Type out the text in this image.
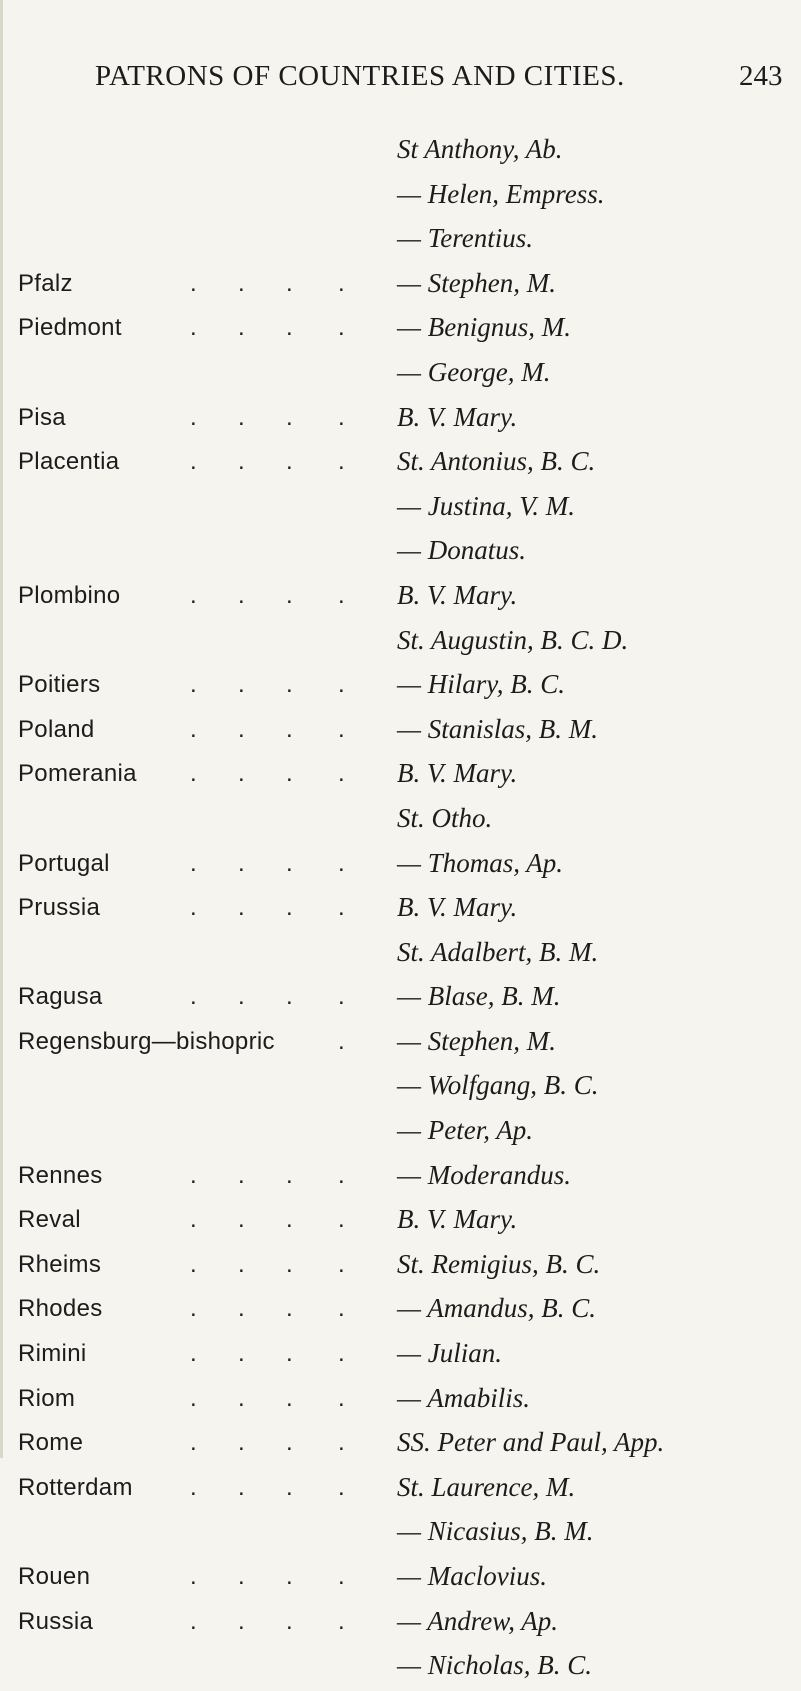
PATRONS OF COUNTRIES AND CITIES.	243
St Anthony, Ab.
— Helen, Empress.
— Terentius.
Pfalz	. . . . — Stephen, M.
Piedmont	. . . . — Benignus, M.
— George, M.
Pisa	. . . . B. V. Mary.
Placentia	. . . . St. Antonius, B. C.
— Justina, V. M.
— Donatus.
Plombino	. . . . B. V. Mary.
St. Augustin, B. C. D.
Poitiers	. . . . — Hilary, B. C.
Poland	. . . . — Stanislas, B. M.
Pomerania . . . . B. V. Mary.
St. Otho.
Portugal	. . . . — Thomas, Ap.
Prussia	. . . . B. V. Mary.
St. Adalbert, B. M.
Ragusa	. . . . — Blase, B. M.
Regensburg—bishopric	. — Stephen, M.
— Wolfgang, B. C.
— Peter, Ap.
Rennes	. . . . — Moderandus.
Reval	. . . . B. V. Mary.
Rheims	. . . . St. Remigius, B. C.
Rhodes	. . . . — Amandus, B. C.
Rimini	. . . . — Julian.
Riom	. . . . — Amabilis.
Rome	. . . . SS. Peter and Paul, App.
Rotterdam . . . . St. Laurence, M.
— Nicasius, B. M.
Rouen	. . . . — Maclovius.
Russia	. . . . — Andrew, Ap.
— Nicholas, B. C.
